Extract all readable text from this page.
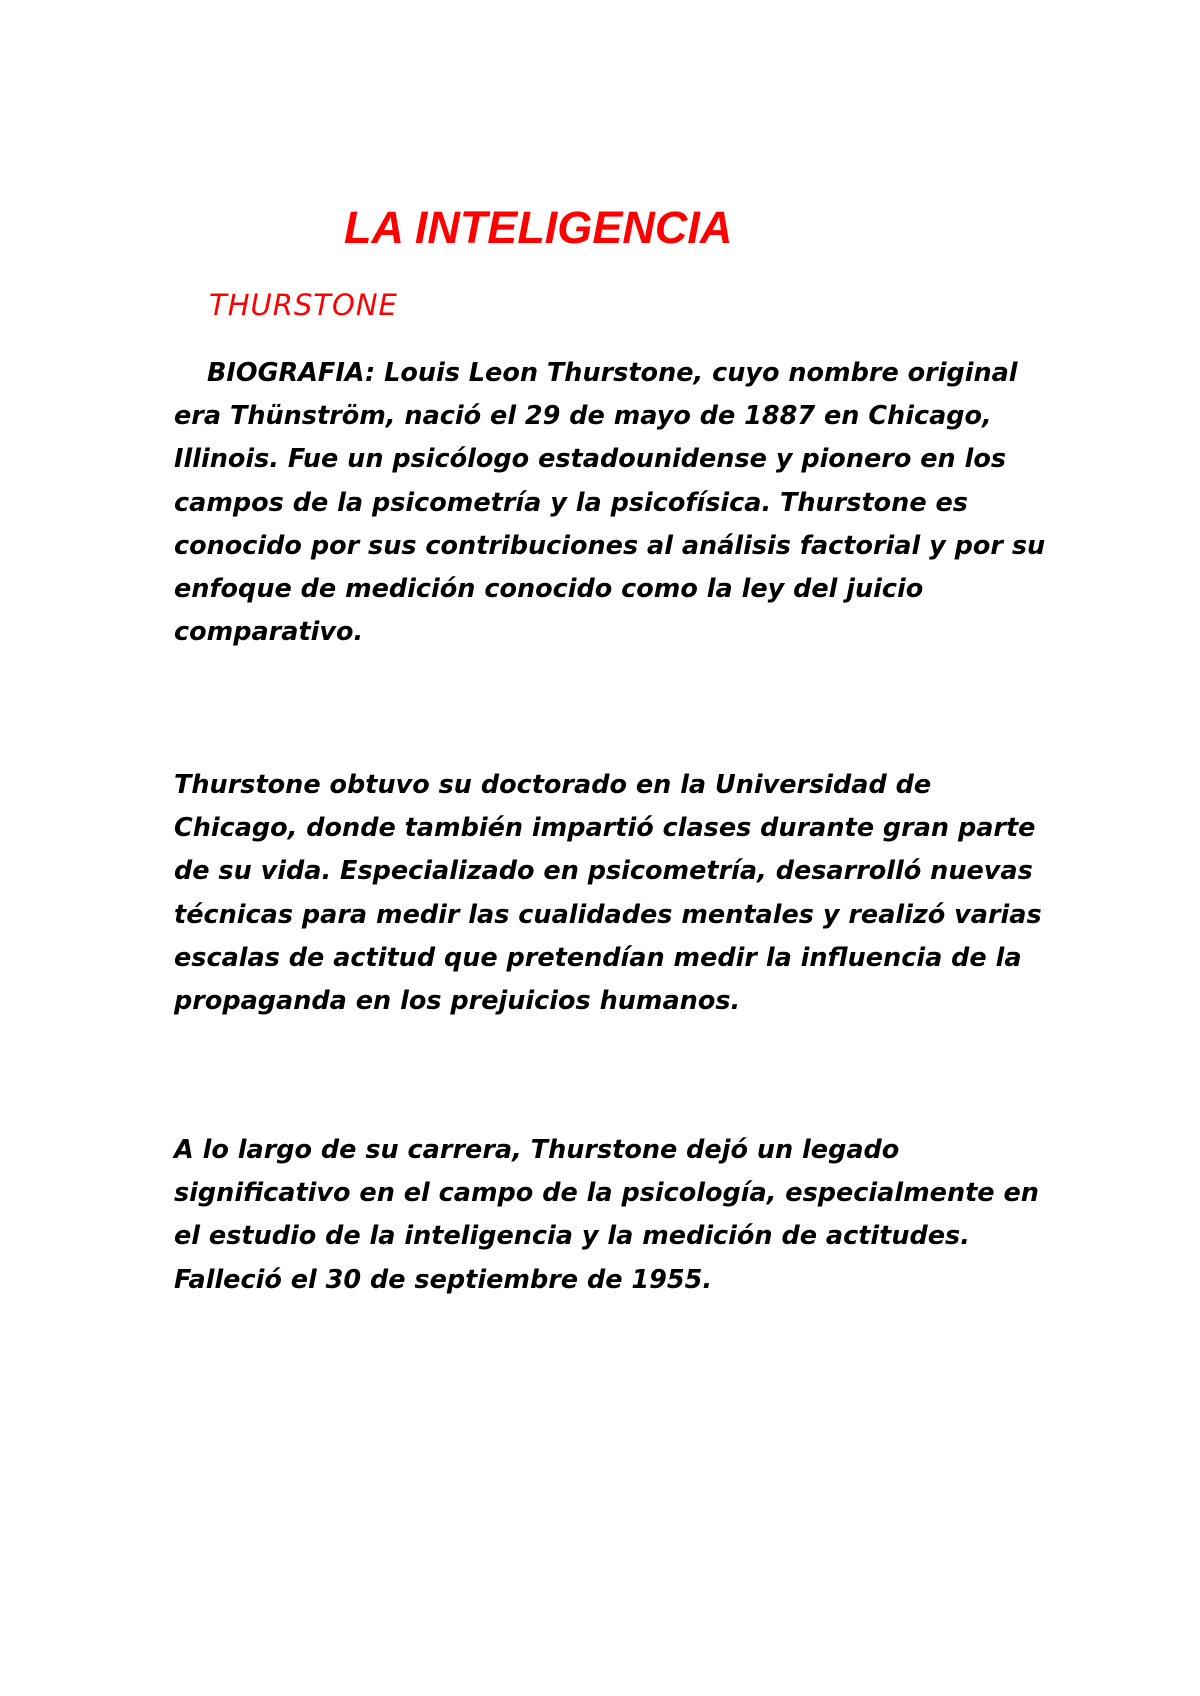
LA INTELIGENCIA
THURSTONE

BIOGRAFIA: Louis Leon Thurstone, cuyo nombre original era Thünström, nació el 29 de mayo de 1887 en Chicago, Illinois. Fue un psicólogo estadounidense y pionero en los campos de la psicometría y la psicofísica. Thurstone es conocido por sus contribuciones al análisis factorial y por su enfoque de medición conocido como la ley del juicio comparativo.

Thurstone obtuvo su doctorado en la Universidad de Chicago, donde también impartió clases durante gran parte de su vida. Especializado en psicometría, desarrolló nuevas técnicas para medir las cualidades mentales y realizó varias escalas de actitud que pretendían medir la influencia de la propaganda en los prejuicios humanos.

A lo largo de su carrera, Thurstone dejó un legado significativo en el campo de la psicología, especialmente en el estudio de la inteligencia y la medición de actitudes. Falleció el 30 de septiembre de 1955.
